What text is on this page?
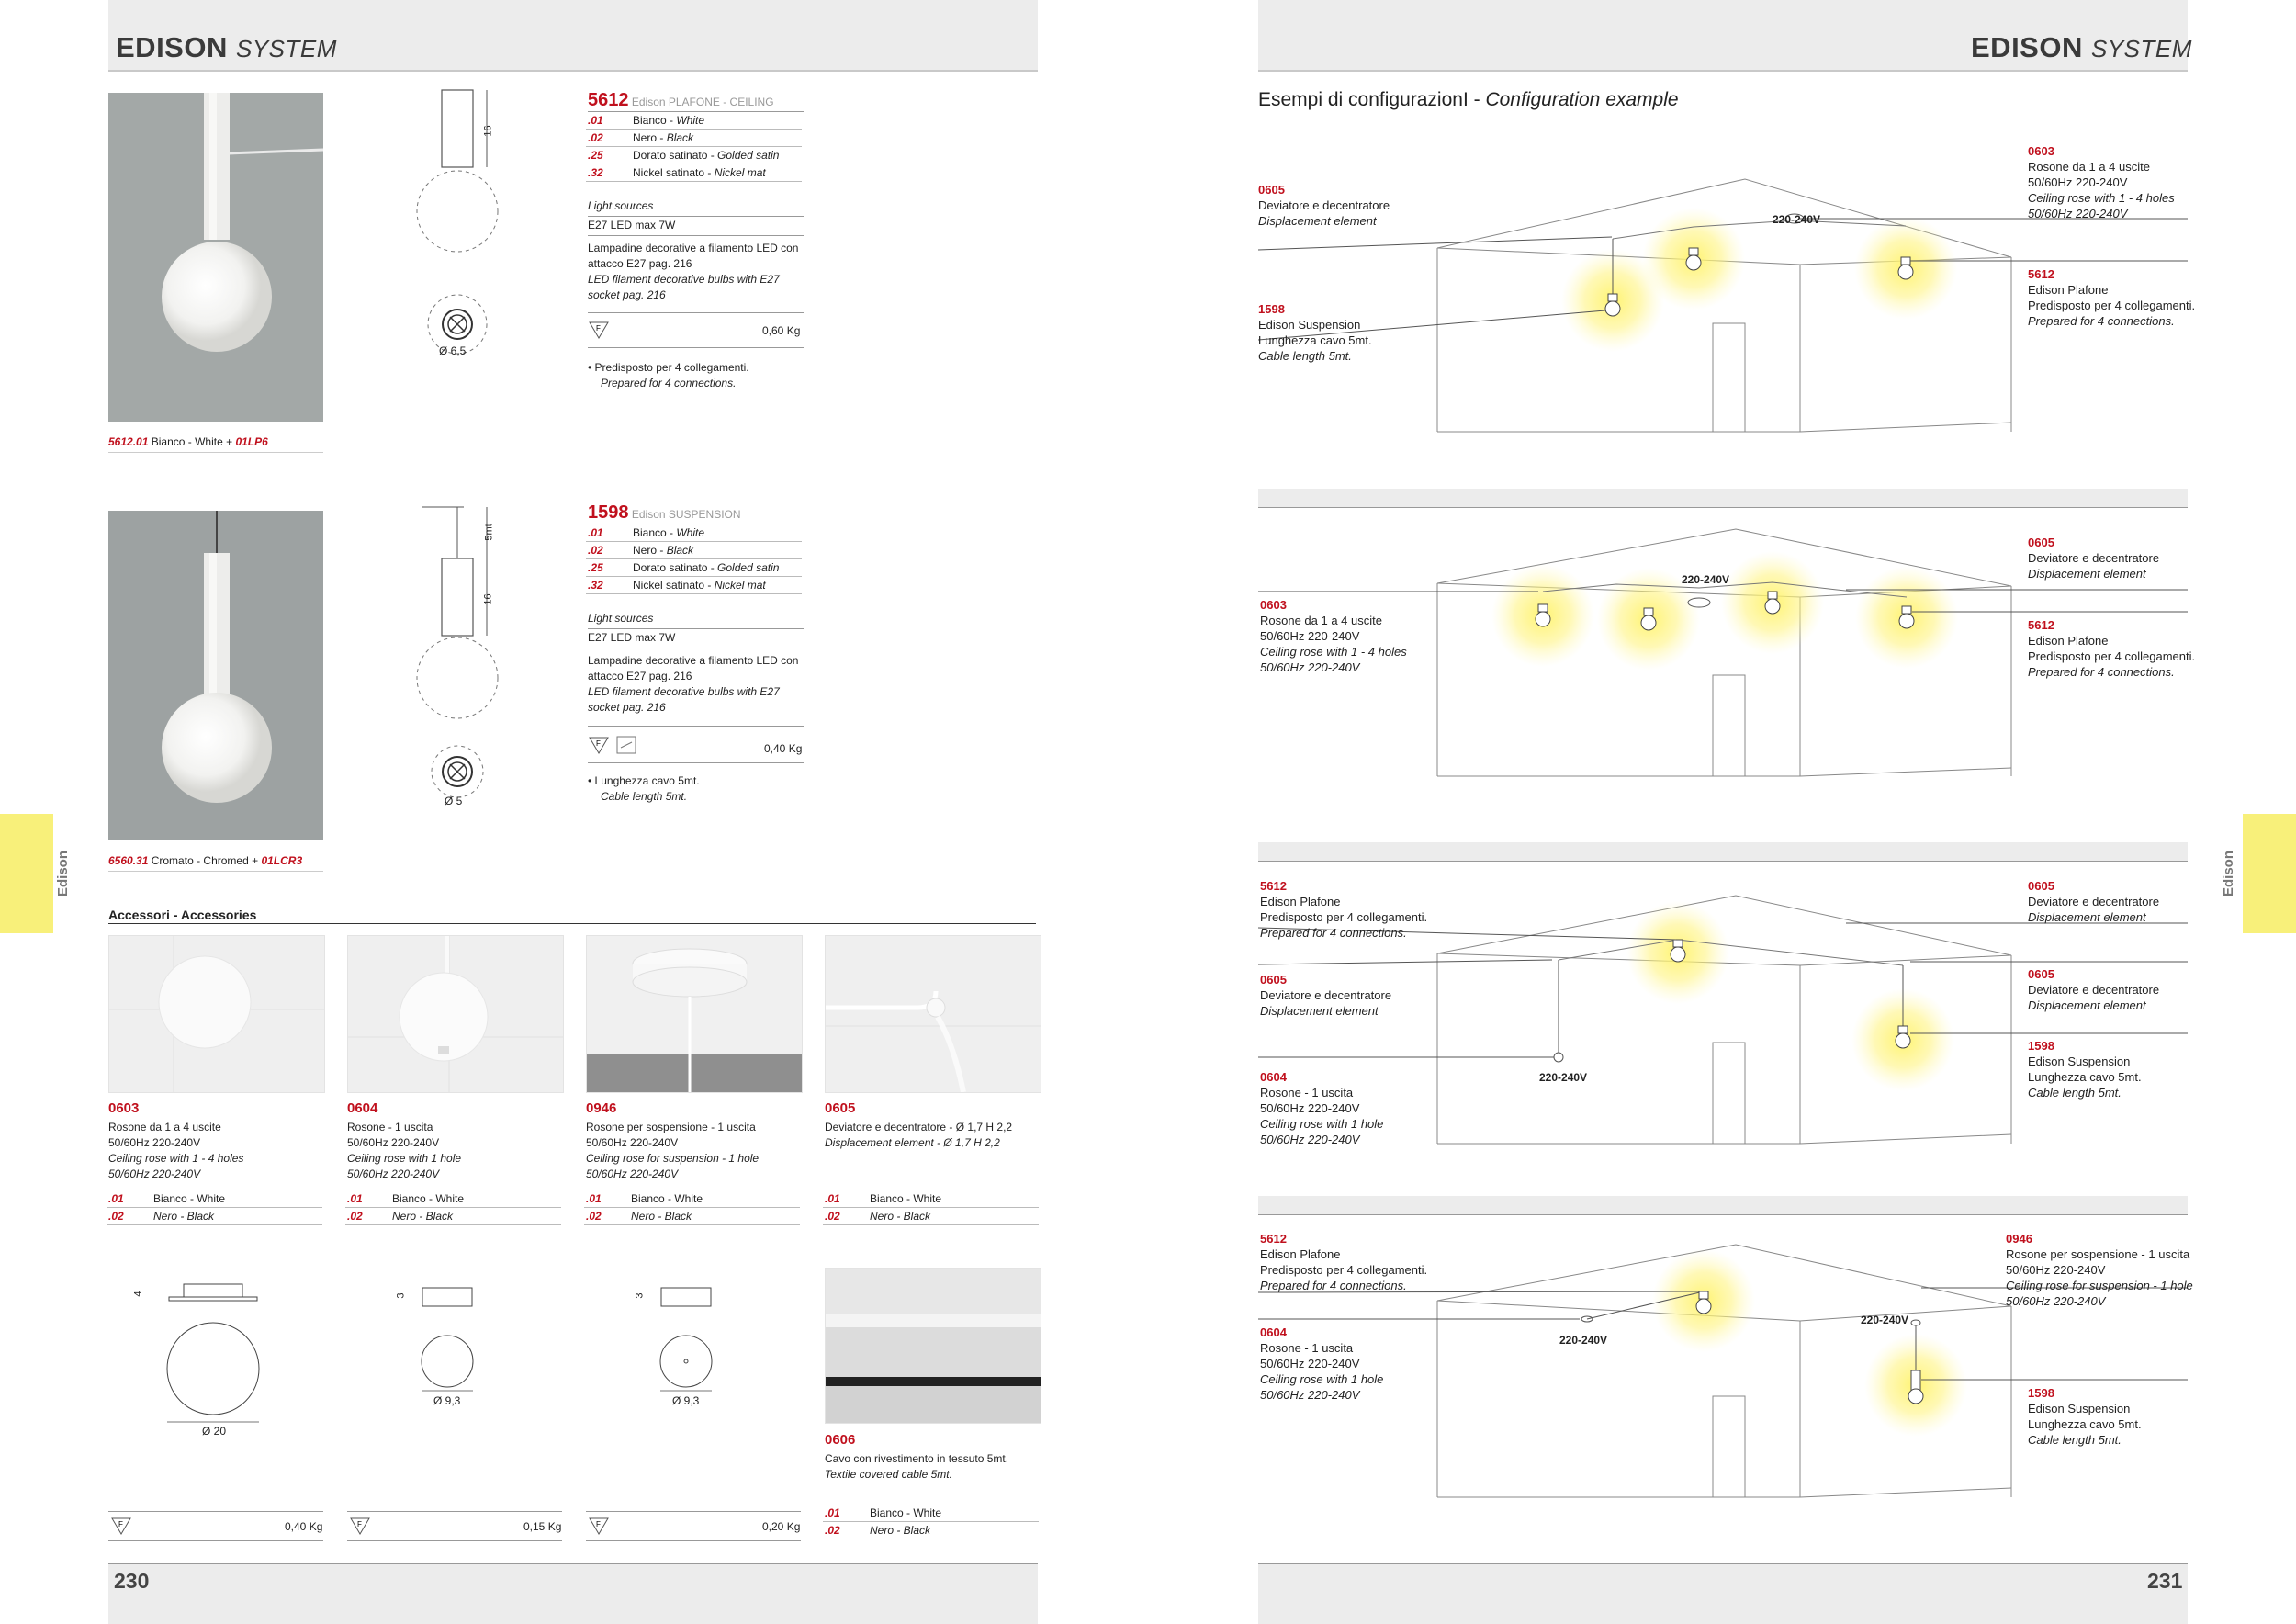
EDISON SYSTEM
5612.01 Bianco - White + 01LP6
16
Ø 6,5
5612 Edison PLAFONE - CEILING
.01	Bianco - White
.02	Nero - Black
.25	Dorato satinato - Golded satin
.32	Nickel satinato - Nickel mat
Light sources
E27 LED max 7W
Lampadine decorative a filamento LED con attacco E27 pag. 216
LED filament decorative bulbs with E27 socket pag. 216
F	0,60 Kg
• Predisposto per 4 collegamenti.
Prepared for 4 connections.
6560.31 Cromato - Chromed + 01LCR3
5mt
16
Ø 5
1598 Edison SUSPENSION
.01	Bianco - White
.02	Nero - Black
.25	Dorato satinato - Golded satin
.32	Nickel satinato - Nickel mat
Light sources
E27 LED max 7W
Lampadine decorative a filamento LED con attacco E27 pag. 216
LED filament decorative bulbs with E27 socket pag. 216
F	0,40 Kg
• Lunghezza cavo 5mt.
Cable length 5mt.
Edison
Accessori - Accessories
0603
Rosone da 1 a 4 uscite
50/60Hz 220-240V
Ceiling rose with 1 - 4 holes
50/60Hz 220-240V
0604
Rosone - 1 uscita
50/60Hz 220-240V
Ceiling rose with 1 hole
50/60Hz 220-240V
0946
Rosone per sospensione - 1 uscita
50/60Hz 220-240V
Ceiling rose for suspension - 1 hole
50/60Hz 220-240V
0605
Deviatore e decentratore - Ø 1,7 H 2,2
Displacement element - Ø 1,7 H 2,2
.01	Bianco - White
.02	Nero - Black
.01	Bianco - White
.02	Nero - Black
.01	Bianco - White
.02	Nero - Black
.01	Bianco - White
.02	Nero - Black
4
Ø 20
3
Ø 9,3
3
Ø 9,3
0606
Cavo con rivestimento in tessuto 5mt.
Textile covered cable 5mt.
.01	Bianco - White
.02	Nero - Black
F	0,40 Kg	F	0,15 Kg	F	0,20 Kg
230
EDISON SYSTEM
Esempi di configurazionI - Configuration example
220-240V
0605
Deviatore e decentratore
Displacement element
1598
Edison Suspension
Lunghezza cavo 5mt.
Cable length 5mt.
0603
Rosone da 1 a 4 uscite
50/60Hz 220-240V
Ceiling rose with 1 - 4 holes
50/60Hz 220-240V
5612
Edison Plafone
Predisposto per 4 collegamenti.
Prepared for 4 connections.
220-240V
0603
Rosone da 1 a 4 uscite
50/60Hz 220-240V
Ceiling rose with 1 - 4 holes
50/60Hz 220-240V
0605
Deviatore e decentratore
Displacement element
5612
Edison Plafone
Predisposto per 4 collegamenti.
Prepared for 4 connections.
220-240V
5612
Edison Plafone
Predisposto per 4 collegamenti.
Prepared for 4 connections.
0605
Deviatore e decentratore
Displacement element
0604
Rosone - 1 uscita
50/60Hz 220-240V
Ceiling rose with 1 hole
50/60Hz 220-240V
0605
Deviatore e decentratore
Displacement element
0605
Deviatore e decentratore
Displacement element
1598
Edison Suspension
Lunghezza cavo 5mt.
Cable length 5mt.
220-240V
220-240V
5612
Edison Plafone
Predisposto per 4 collegamenti.
Prepared for 4 connections.
0604
Rosone - 1 uscita
50/60Hz 220-240V
Ceiling rose with 1 hole
50/60Hz 220-240V
0946
Rosone per sospensione - 1 uscita
50/60Hz 220-240V
Ceiling rose for suspension - 1 hole
50/60Hz 220-240V
1598
Edison Suspension
Lunghezza cavo 5mt.
Cable length 5mt.
Edison
231
